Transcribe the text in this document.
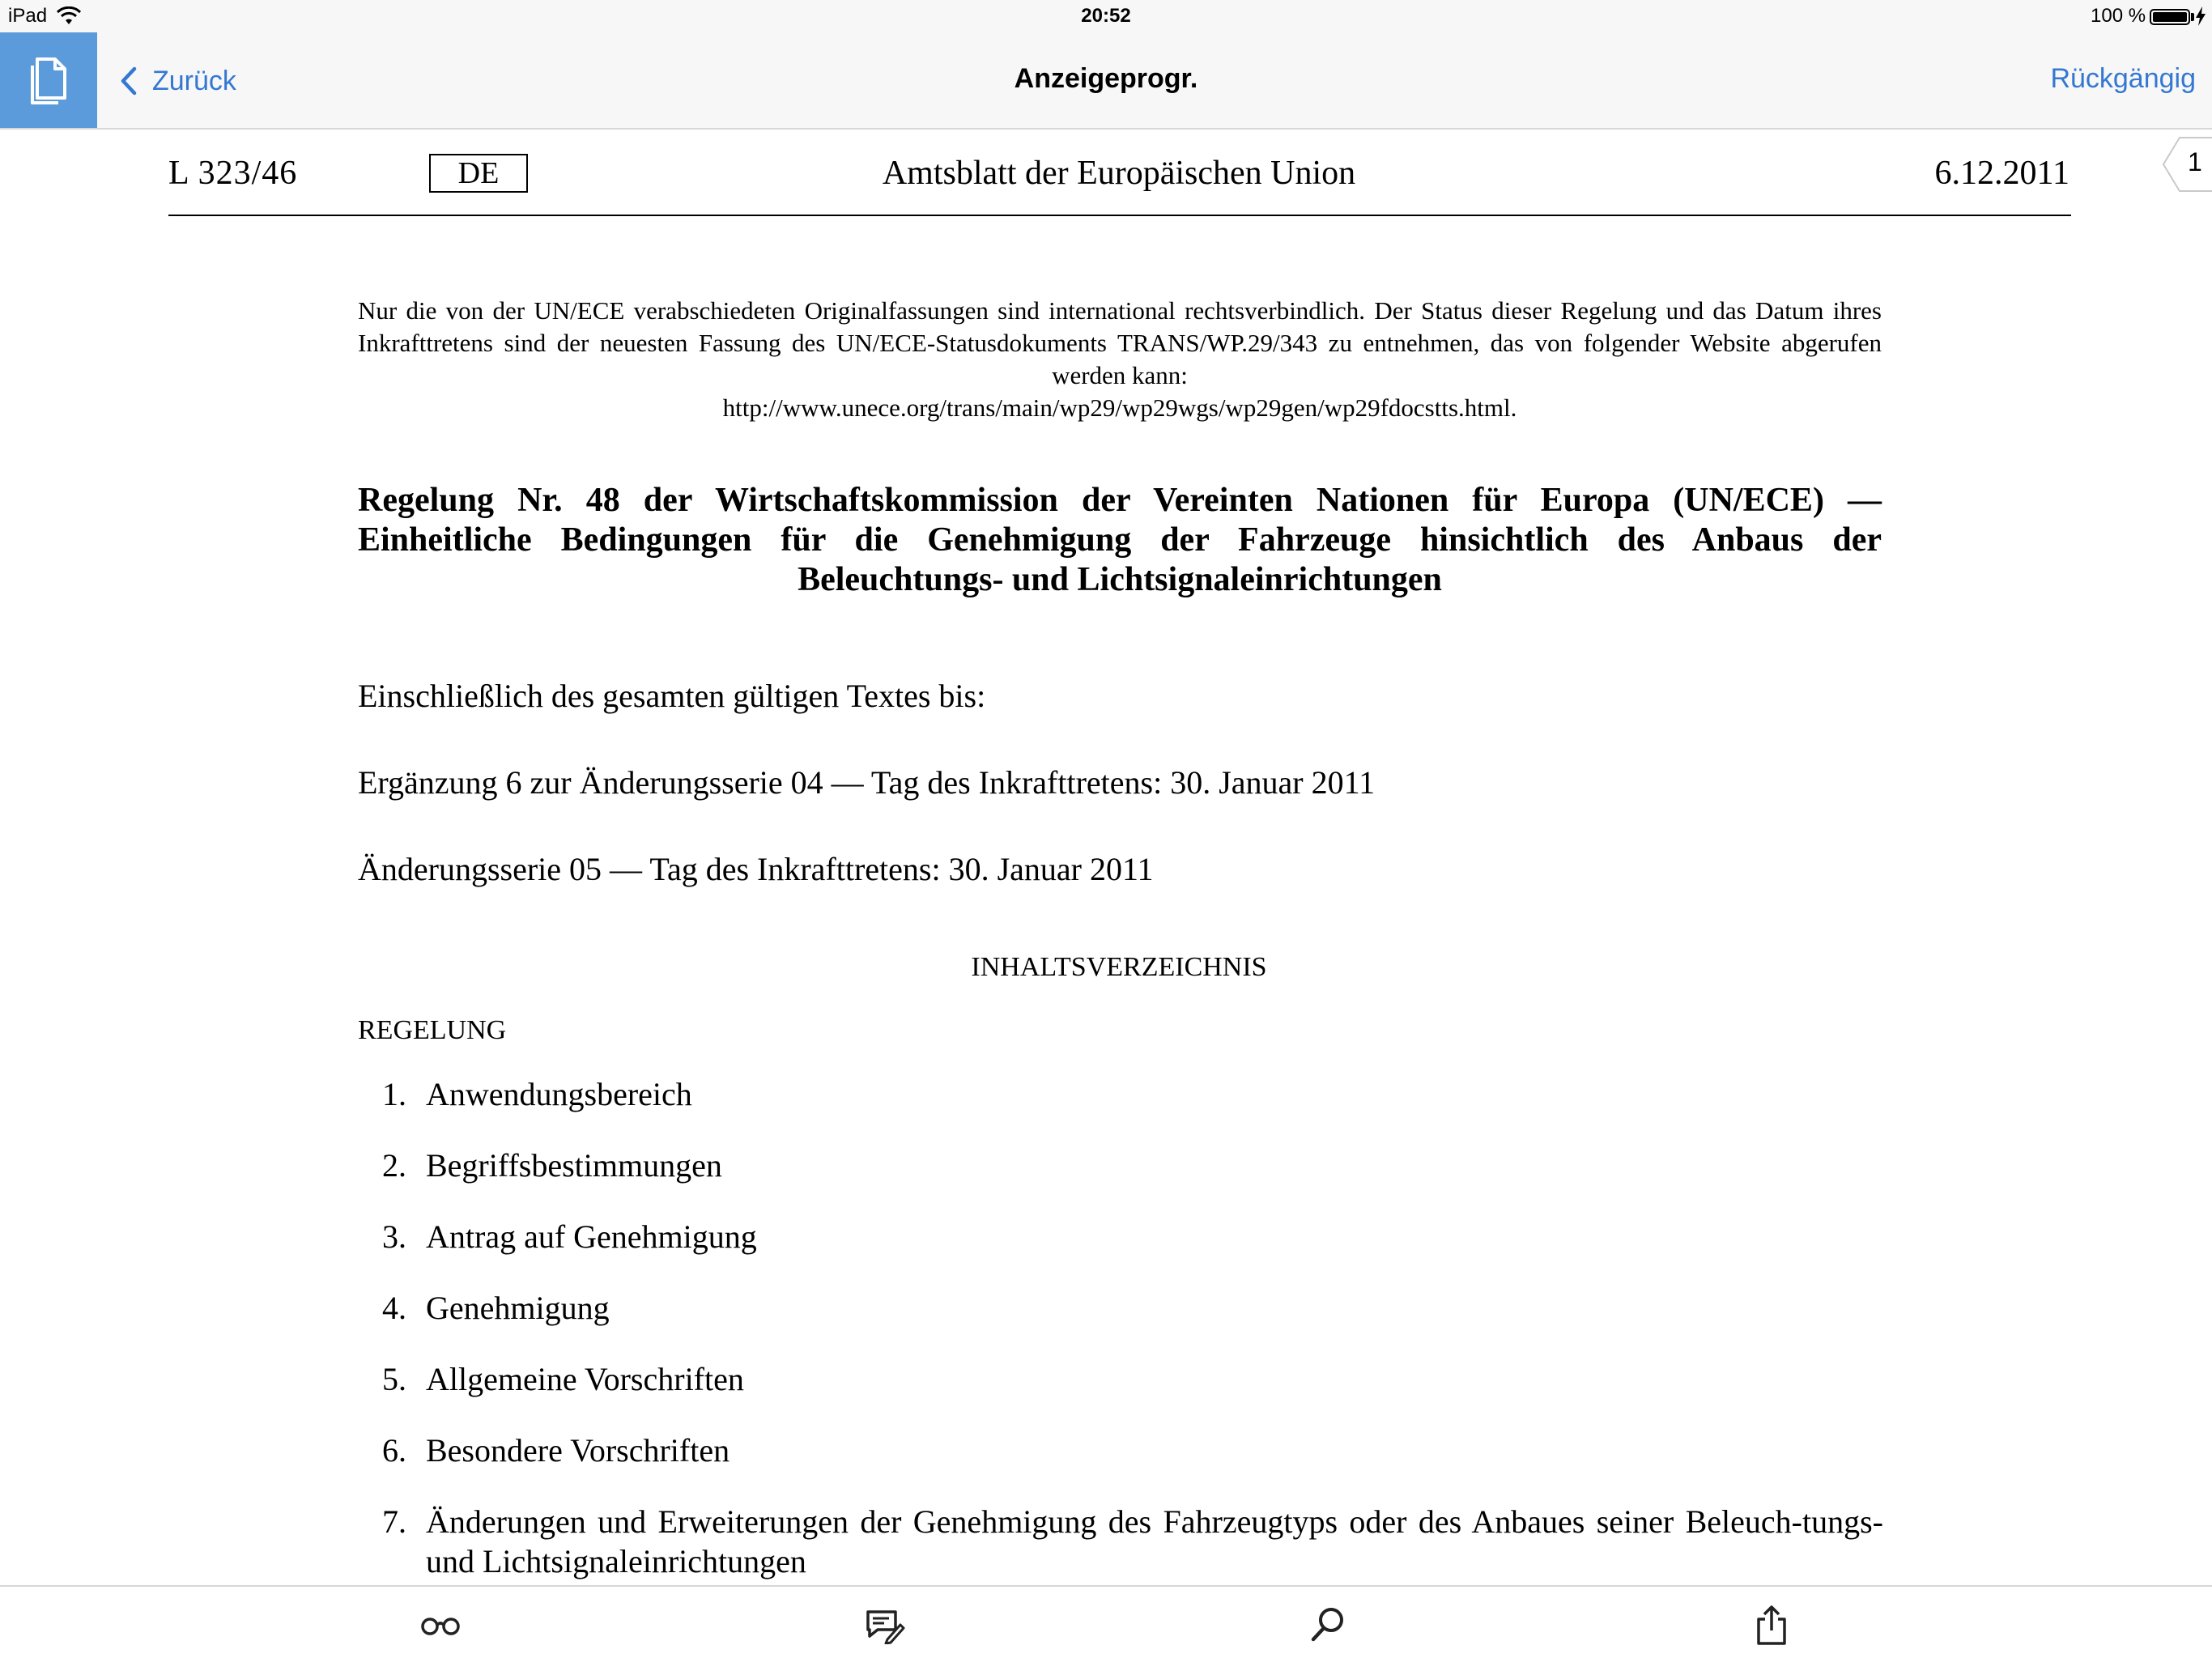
iPad	20:52	100 %
Zurück	Anzeigeprogr.	Rückgängig
1
L 323/46	DE	Amtsblatt der Europäischen Union	6.12.2011
Nur die von der UN/ECE verabschiedeten Originalfassungen sind international rechtsverbindlich. Der Status dieser Regelung und das Datum ihres Inkrafttretens sind der neuesten Fassung des UN/ECE-Statusdokuments TRANS/WP.29/343 zu entnehmen, das von folgender Website abgerufen werden kann:
http://www.unece.org/trans/main/wp29/wp29wgs/wp29gen/wp29fdocstts.html.
Regelung Nr. 48 der Wirtschaftskommission der Vereinten Nationen für Europa (UN/ECE) — Einheitliche Bedingungen für die Genehmigung der Fahrzeuge hinsichtlich des Anbaus der Beleuchtungs- und Lichtsignaleinrichtungen
Einschließlich des gesamten gültigen Textes bis:
Ergänzung 6 zur Änderungsserie 04 — Tag des Inkrafttretens: 30. Januar 2011
Änderungsserie 05 — Tag des Inkrafttretens: 30. Januar 2011
INHALTSVERZEICHNIS
REGELUNG
1. Anwendungsbereich
2. Begriffsbestimmungen
3. Antrag auf Genehmigung
4. Genehmigung
5. Allgemeine Vorschriften
6. Besondere Vorschriften
7. Änderungen und Erweiterungen der Genehmigung des Fahrzeugtyps oder des Anbaues seiner Beleuch-tungs- und Lichtsignaleinrichtungen
